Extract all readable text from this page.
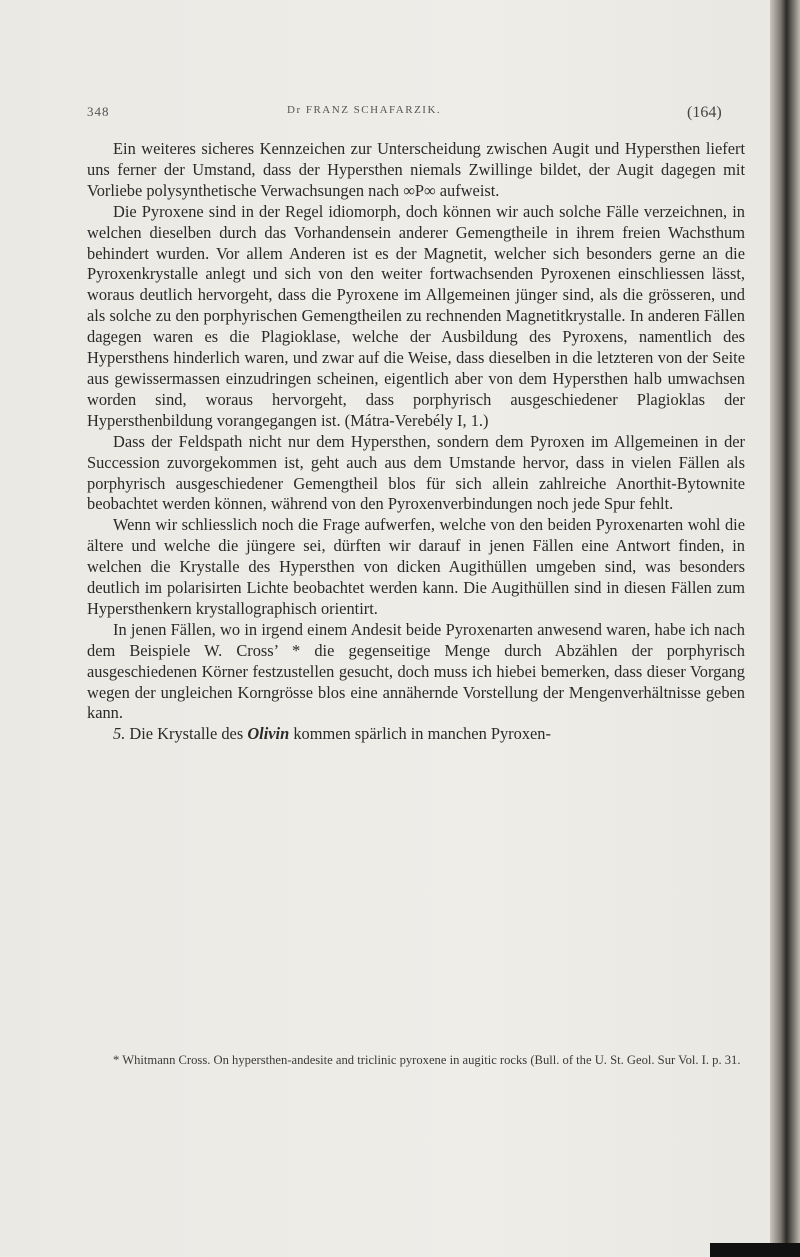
348	Dr FRANZ SCHAFARZIK.	(164)

Ein weiteres sicheres Kennzeichen zur Unterscheidung zwischen Augit und Hypersthen liefert uns ferner der Umstand, dass der Hypersthen niemals Zwillinge bildet, der Augit dagegen mit Vorliebe polysynthetische Verwachsungen nach ∞P∞ aufweist.

Die Pyroxene sind in der Regel idiomorph, doch können wir auch solche Fälle verzeichnen, in welchen dieselben durch das Vorhandensein anderer Gemengtheile in ihrem freien Wachsthum behindert wurden. Vor allem Anderen ist es der Magnetit, welcher sich besonders gerne an die Pyroxenkrystalle anlegt und sich von den weiter fortwachsenden Pyroxenen einschliessen lässt, woraus deutlich hervorgeht, dass die Pyroxene im Allgemeinen jünger sind, als die grösseren, und als solche zu den porphyrischen Gemengtheilen zu rechnenden Magnetitkrystalle. In anderen Fällen dagegen waren es die Plagioklase, welche der Ausbildung des Pyroxens, namentlich des Hypersthens hinderlich waren, und zwar auf die Weise, dass dieselben in die letzteren von der Seite aus gewissermassen einzudringen scheinen, eigentlich aber von dem Hypersthen halb umwachsen worden sind, woraus hervorgeht, dass porphyrisch ausgeschiedener Plagioklas der Hypersthenbildung vorangegangen ist. (Mátra-Verebély I, 1.)

Dass der Feldspath nicht nur dem Hypersthen, sondern dem Pyroxen im Allgemeinen in der Succession zuvorgekommen ist, geht auch aus dem Umstande hervor, dass in vielen Fällen als porphyrisch ausgeschiedener Gemengtheil blos für sich allein zahlreiche Anorthit-Bytownite beobachtet werden können, während von den Pyroxenverbindungen noch jede Spur fehlt.

Wenn wir schliesslich noch die Frage aufwerfen, welche von den beiden Pyroxenarten wohl die ältere und welche die jüngere sei, dürften wir darauf in jenen Fällen eine Antwort finden, in welchen die Krystalle des Hypersthen von dicken Augithüllen umgeben sind, was besonders deutlich im polarisirten Lichte beobachtet werden kann. Die Augithüllen sind in diesen Fällen zum Hypersthenkern krystallographisch orientirt.

In jenen Fällen, wo in irgend einem Andesit beide Pyroxenarten anwesend waren, habe ich nach dem Beispiele W. Cross’ * die gegenseitige Menge durch Abzählen der porphyrisch ausgeschiedenen Körner festzustellen gesucht, doch muss ich hiebei bemerken, dass dieser Vorgang wegen der ungleichen Korngrösse blos eine annähernde Vorstellung der Mengenverhältnisse geben kann.

5. Die Krystalle des Olivin kommen spärlich in manchen Pyroxen-

* Whitmann Cross. On hypersthen-andesite and triclinic pyroxene in augitic rocks (Bull. of the U. St. Geol. Sur Vol. I. p. 31.
